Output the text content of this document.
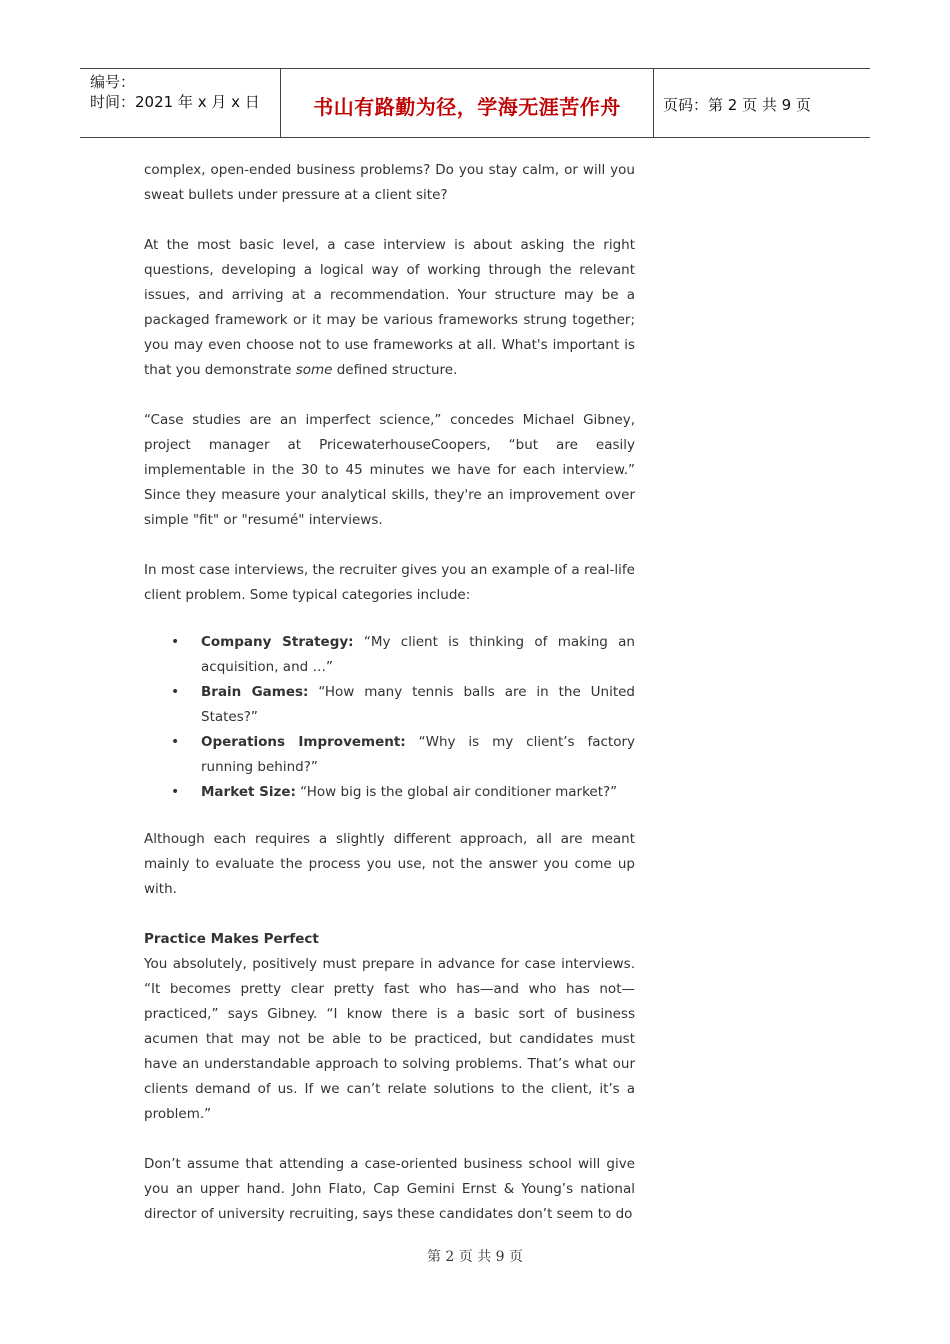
编号：
时间：2021 年 x 月 x 日	书山有路勤为径，学海无涯苦作舟	页码：第 2 页 共 9 页

complex, open-ended business problems? Do you stay calm, or will you sweat bullets under pressure at a client site?

At the most basic level, a case interview is about asking the right questions, developing a logical way of working through the relevant issues, and arriving at a recommendation. Your structure may be a packaged framework or it may be various frameworks strung together; you may even choose not to use frameworks at all. What's important is that you demonstrate some defined structure.

“Case studies are an imperfect science,” concedes Michael Gibney, project manager at PricewaterhouseCoopers, “but are easily implementable in the 30 to 45 minutes we have for each interview.” Since they measure your analytical skills, they're an improvement over simple "fit" or "resumé" interviews.

In most case interviews, the recruiter gives you an example of a real-life client problem. Some typical categories include:

• Company Strategy: “My client is thinking of making an acquisition, and …”
• Brain Games: “How many tennis balls are in the United States?”
• Operations Improvement: “Why is my client’s factory running behind?”
• Market Size: “How big is the global air conditioner market?”

Although each requires a slightly different approach, all are meant mainly to evaluate the process you use, not the answer you come up with.

Practice Makes Perfect

You absolutely, positively must prepare in advance for case interviews. “It becomes pretty clear pretty fast who has—and who has not—practiced,” says Gibney. “I know there is a basic sort of business acumen that may not be able to be practiced, but candidates must have an understandable approach to solving problems. That’s what our clients demand of us. If we can’t relate solutions to the client, it’s a problem.”

Don’t assume that attending a case-oriented business school will give you an upper hand. John Flato, Cap Gemini Ernst & Young’s national director of university recruiting, says these candidates don’t seem to do

第 2 页 共 9 页
